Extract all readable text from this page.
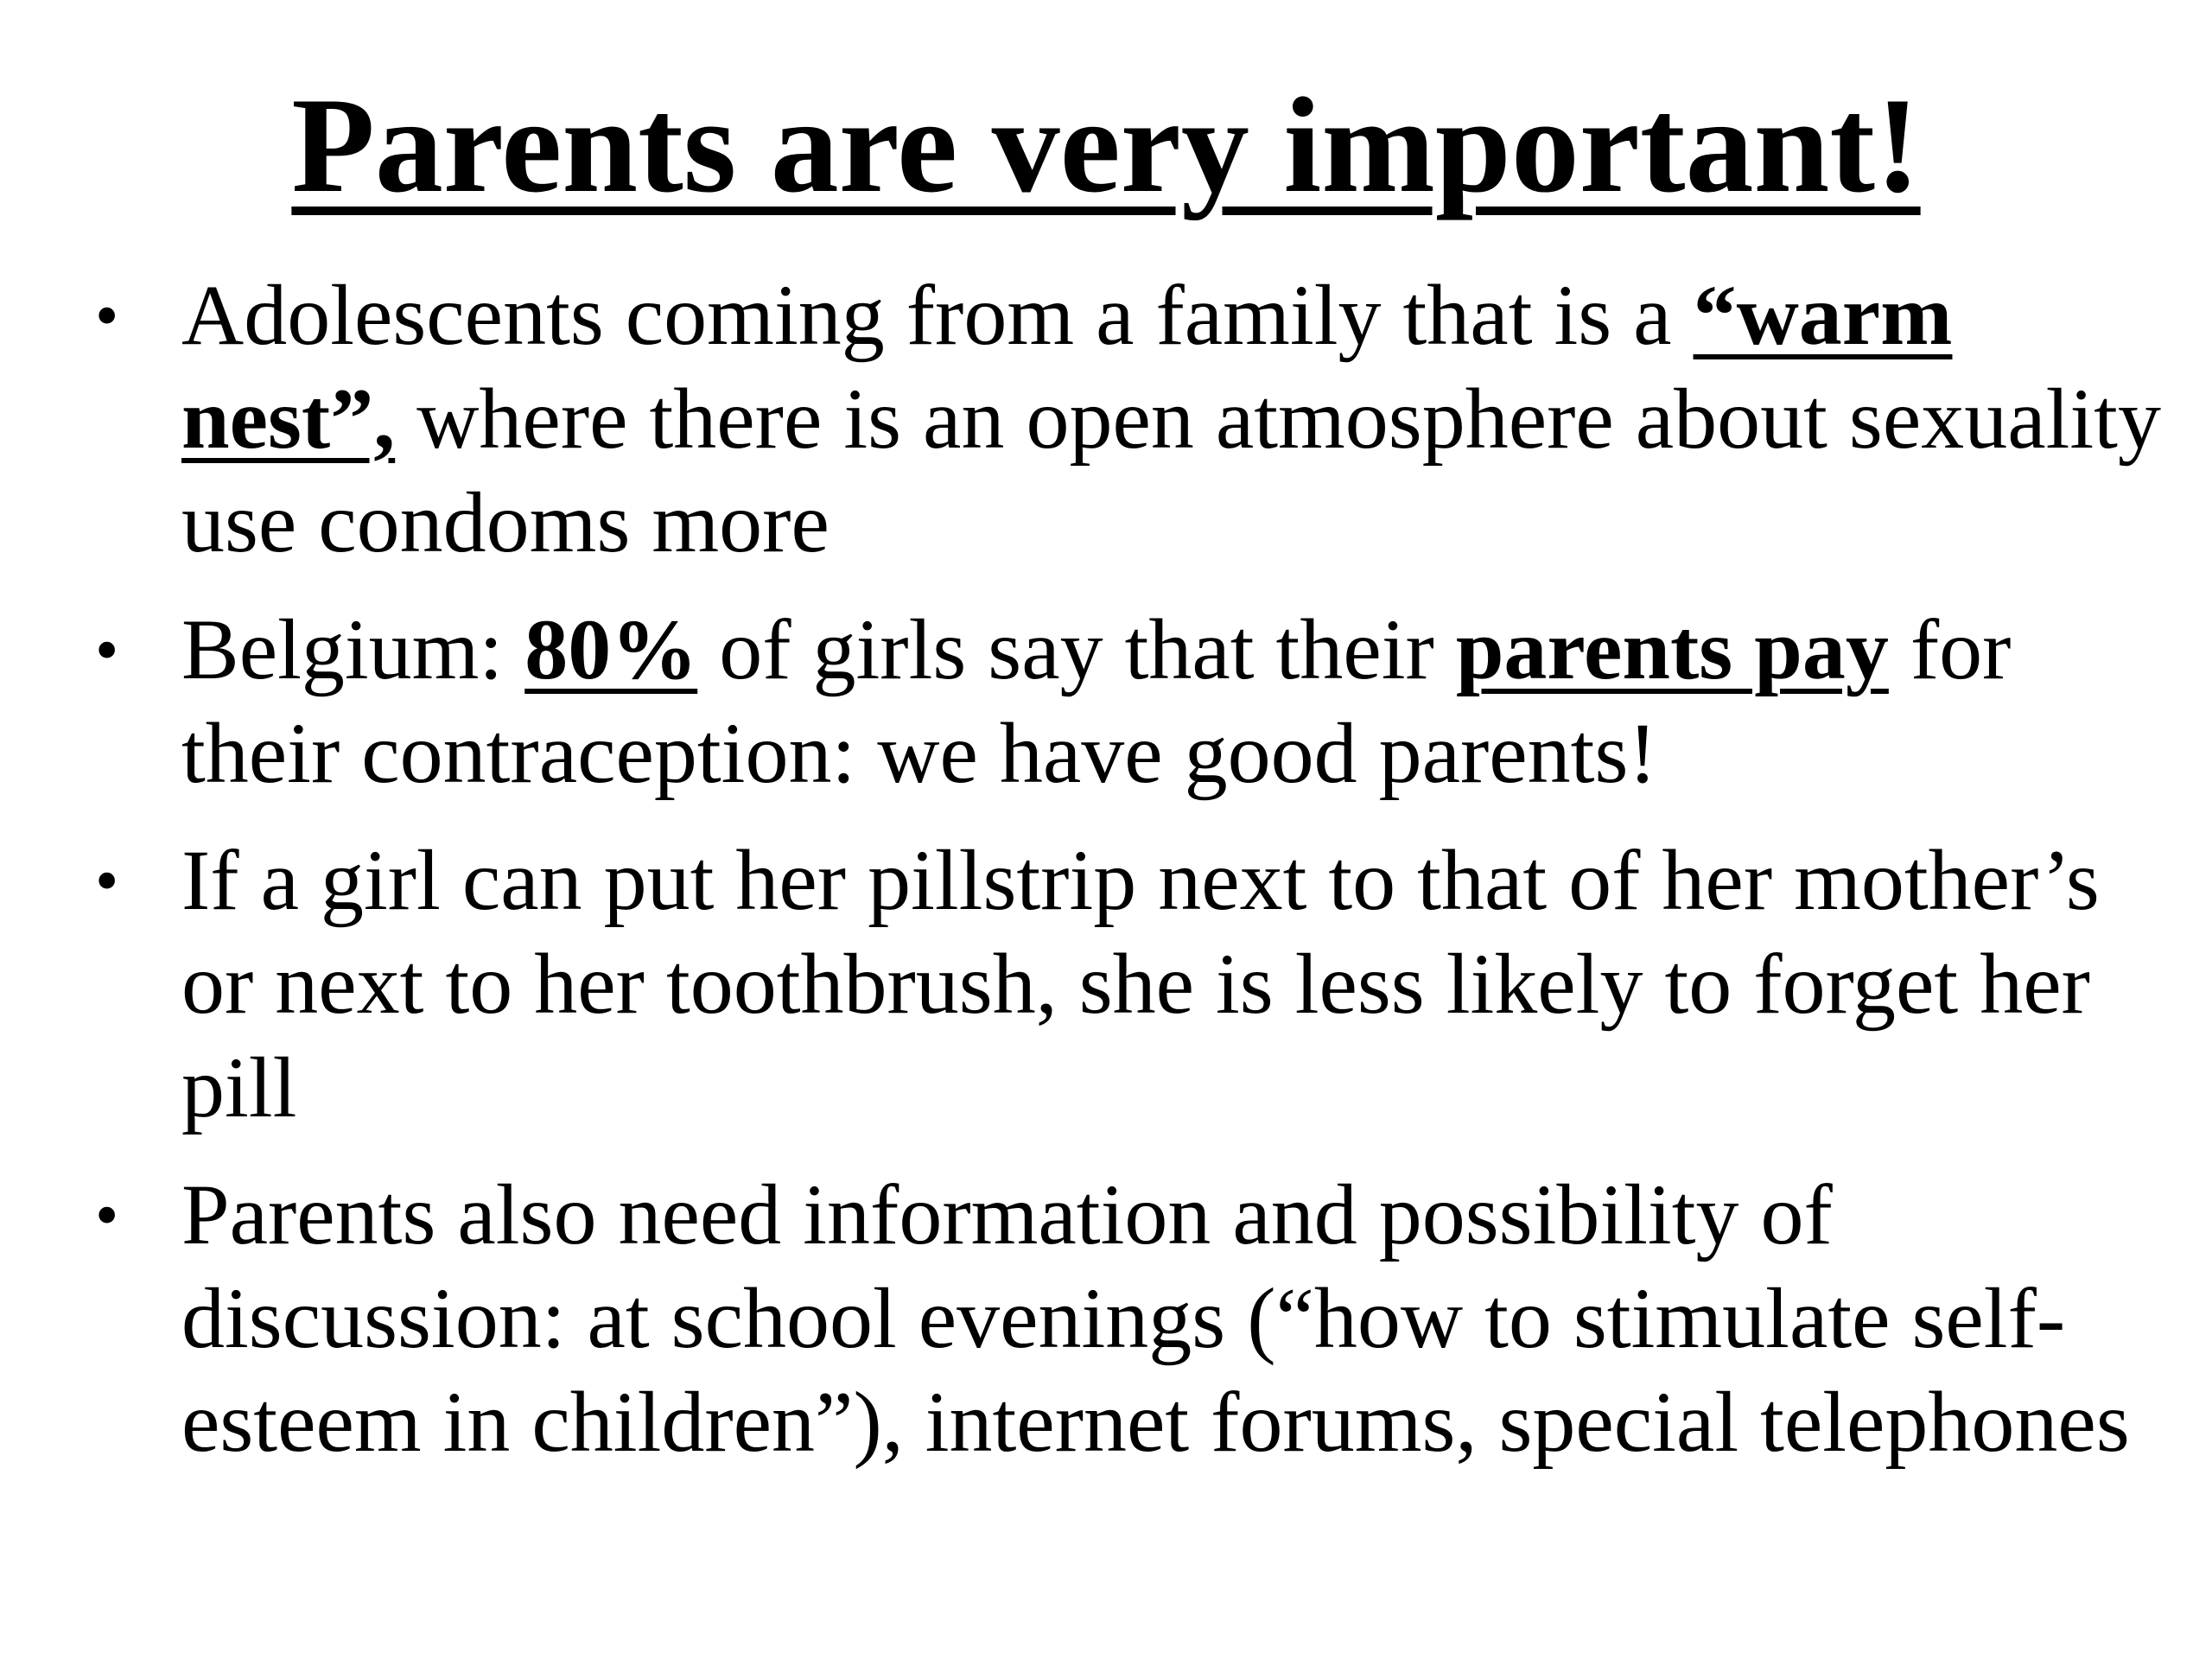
Parents are very important!
• Adolescents coming from a family that is a “warm nest”, where there is an open atmosphere about sexuality use condoms more
• Belgium: 80% of girls say that their parents pay for their contraception: we have good parents!
• If a girl can put her pillstrip next to that of her mother’s or next to her toothbrush, she is less likely to forget her pill
• Parents also need information and possibility of discussion: at school evenings (“how to stimulate self-esteem in children”), internet forums, special telephones
